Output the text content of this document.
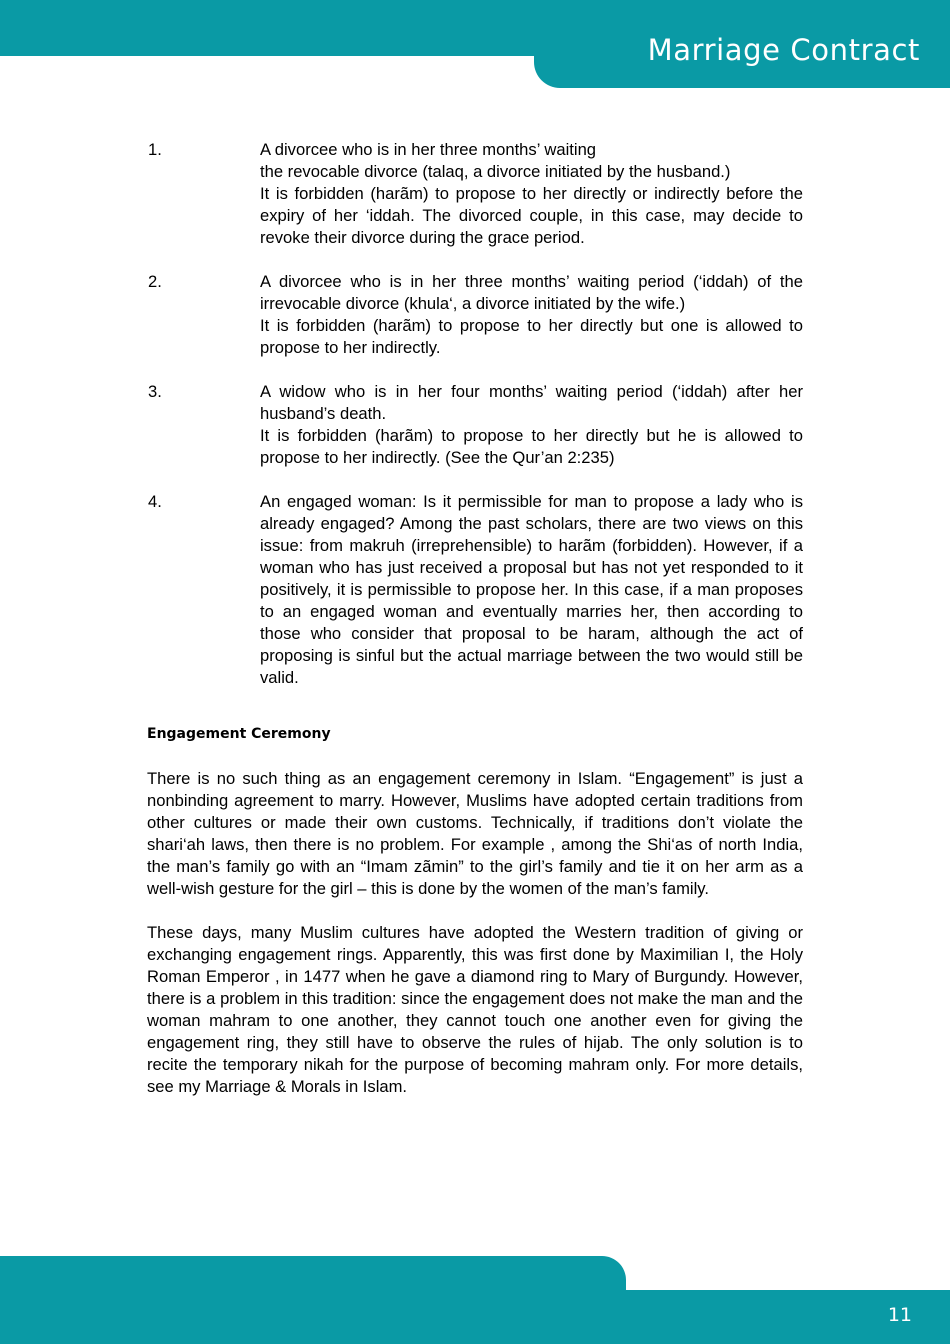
Marriage Contract
1.	A divorcee who is in her three months’ waiting

the revocable divorce (talaq, a divorce initiated by the husband.)

It is forbidden (harãm) to propose to her directly or indirectly before the expiry of her ‘iddah. The divorced couple, in this case, may decide to revoke their divorce during the grace period.

2.	A divorcee who is in her three months’ waiting period (‘iddah) of the irrevocable divorce (khula‘, a divorce initiated by the wife.)

It is forbidden (harãm) to propose to her directly but one is allowed to propose to her indirectly.

3.	A widow who is in her four months’ waiting period (‘iddah) after her husband’s death.

It is forbidden (harãm) to propose to her directly but he is allowed to propose to her indirectly. (See the Qur’an 2:235)

4.	An engaged woman: Is it permissible for man to propose a lady who is already engaged? Among the past scholars, there are two views on this issue: from makruh (irreprehensible) to harãm (forbidden). However, if a woman who has just received a proposal but has not yet responded to it positively, it is permissible to propose her. In this case, if a man proposes to an engaged woman and eventually marries her, then according to those who consider that proposal to be haram, although the act of proposing is sinful but the actual marriage between the two would still be valid.

Engagement Ceremony

There is no such thing as an engagement ceremony in Islam. “Engagement” is just a nonbinding agreement to marry. However, Muslims have adopted certain traditions from other cultures or made their own customs. Technically, if traditions don’t violate the shari‘ah laws, then there is no problem. For example , among the Shi‘as of north India, the man’s family go with an “Imam zãmin” to the girl’s family and tie it on her arm as a well-wish gesture for the girl – this is done by the women of the man’s family.

These days, many Muslim cultures have adopted the Western tradition of giving or exchanging engagement rings. Apparently, this was first done by Maximilian I, the Holy Roman Emperor , in 1477 when he gave a diamond ring to Mary of Burgundy. However, there is a problem in this tradition: since the engagement does not make the man and the woman mahram to one another, they cannot touch one another even for giving the engagement ring, they still have to observe the rules of hijab. The only solution is to recite the temporary nikah for the purpose of becoming mahram only. For more details, see my Marriage & Morals in Islam.

11
